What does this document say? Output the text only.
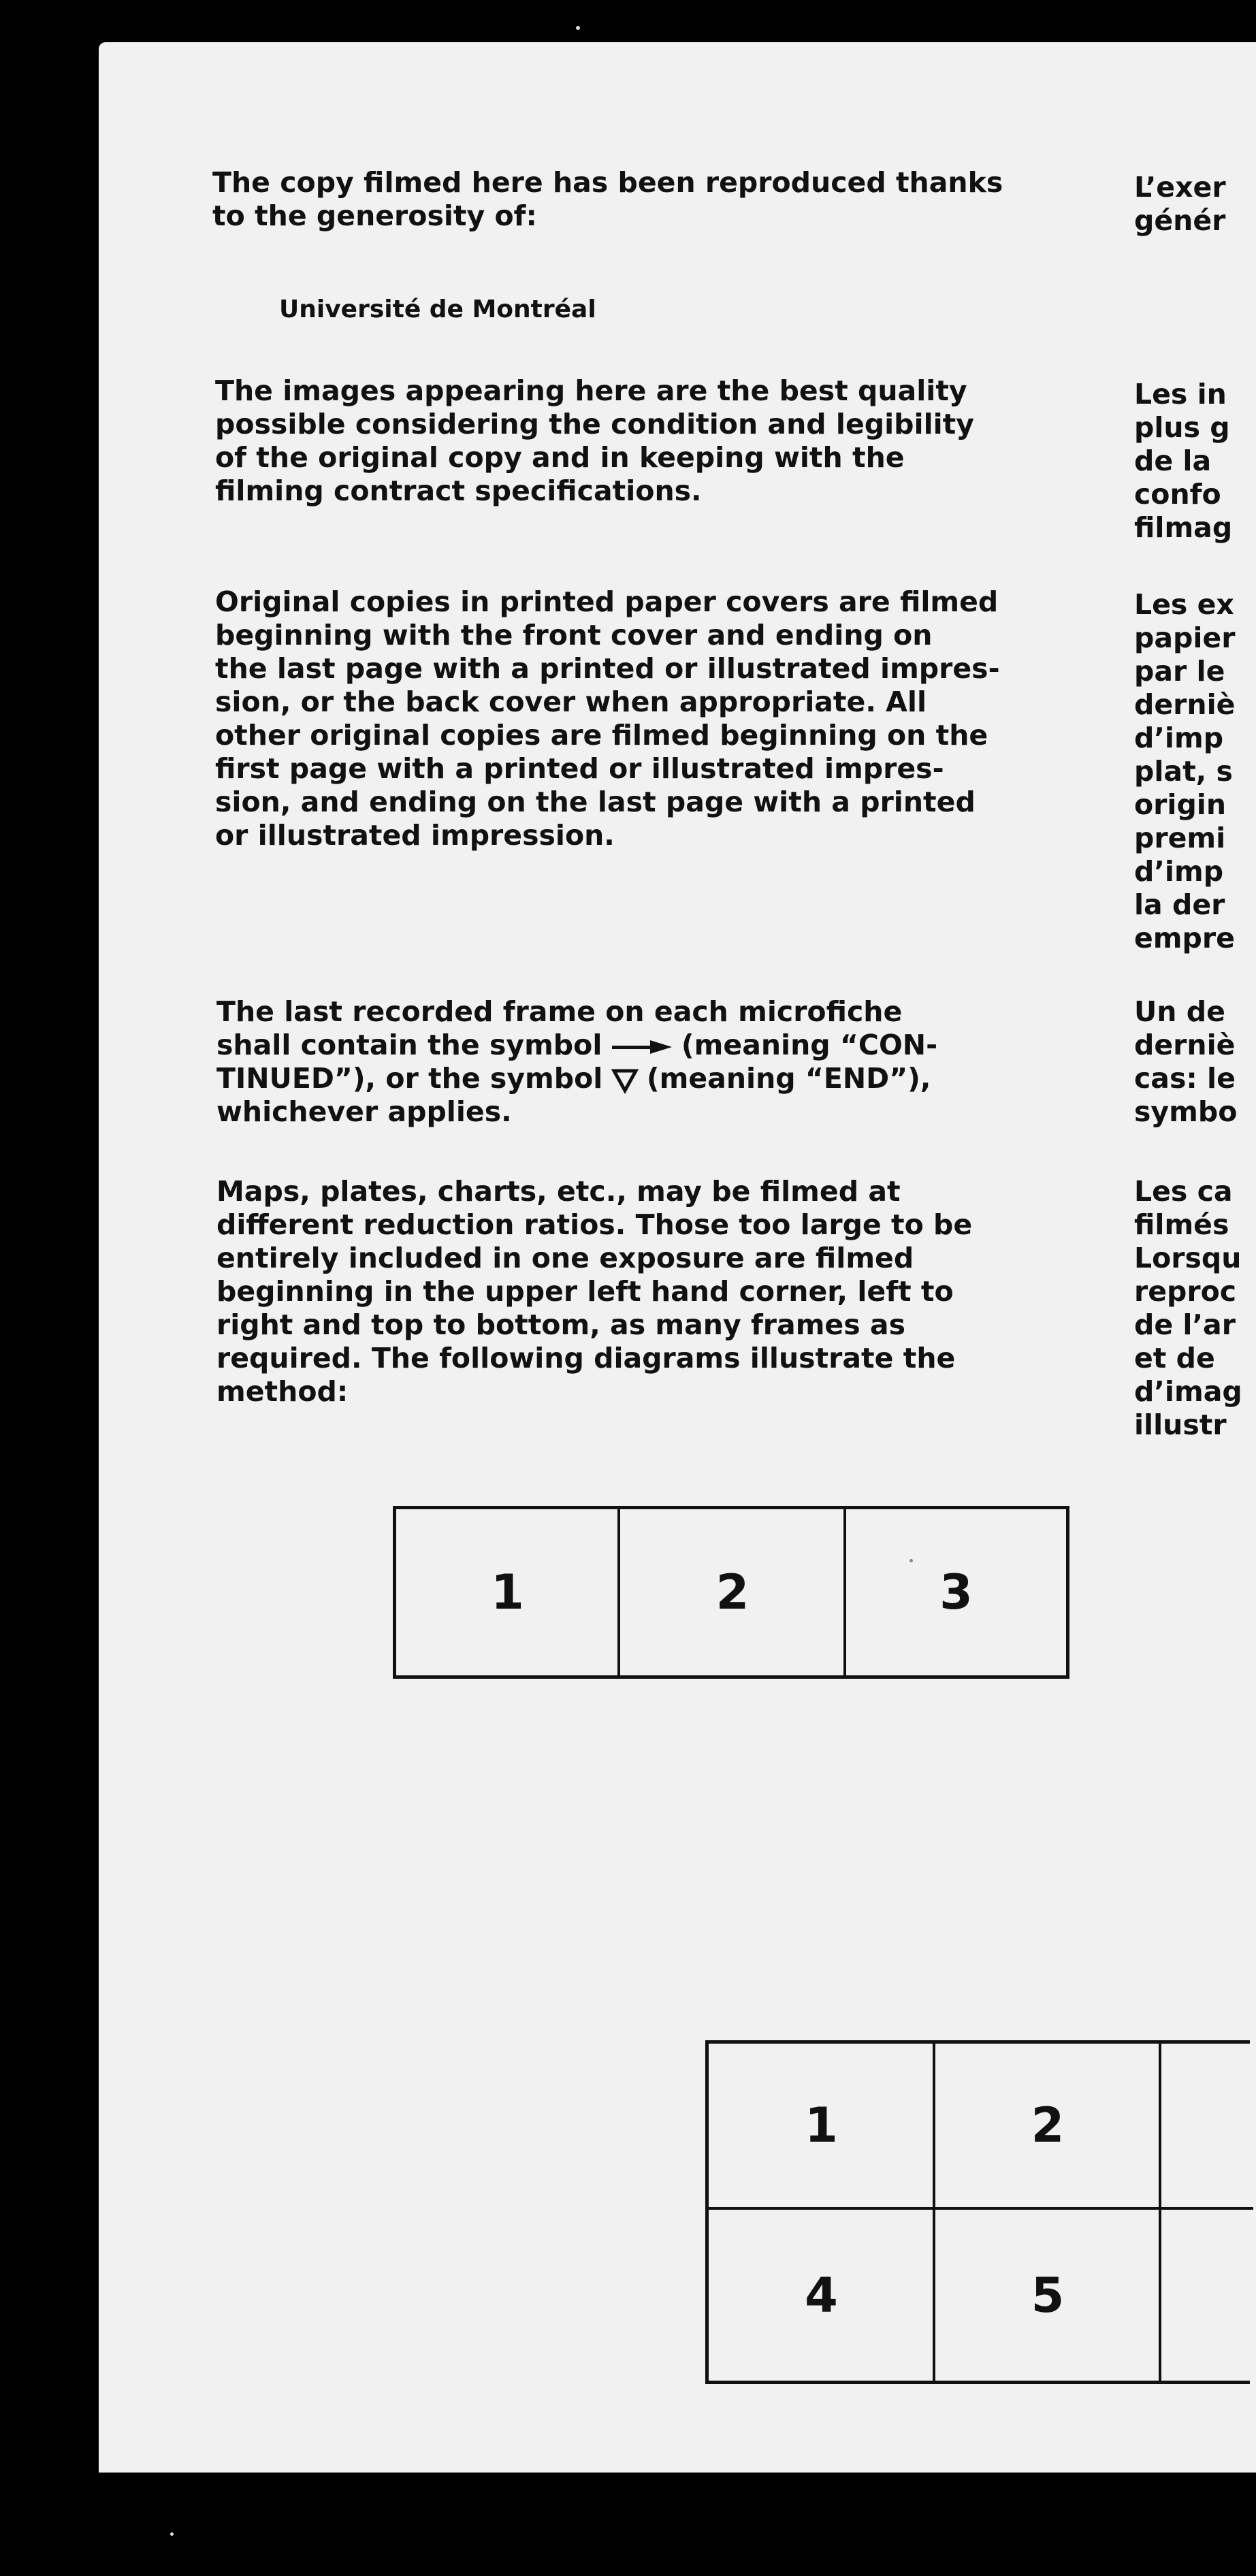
The copy filmed here has been reproduced thanks

to the generosity of:

Université de Montréal

The images appearing here are the best quality

possible considering the condition and legibility

of the original copy and in keeping with the

filming contract specifications.

Original copies in printed paper covers are filmed

beginning with the front cover and ending on

the last page with a printed or illustrated impres-

sion, or the back cover when appropriate. All

other original copies are filmed beginning on the

first page with a printed or illustrated impres-

sion, and ending on the last page with a printed

or illustrated impression.

The last recorded frame on each microfiche

shall contain the symbol  (meaning “CON-

TINUED”), or the symbol  (meaning “END”),

whichever applies.

Maps, plates, charts, etc., may be filmed at

different reduction ratios. Those too large to be

entirely included in one exposure are filmed

beginning in the upper left hand corner, left to

right and top to bottom, as many frames as

required. The following diagrams illustrate the

method:

L’exer

génér

Les in

plus g

de la

confo

filmag

Les ex

papier

par le

derniè

d’imp

plat, s

origin

premi

d’imp

la der

empre

Un de

derniè

cas: le

symbo

Les ca

filmés

Lorsqu

reproc

de l’ar

et de

d’imag

illustr

1	2	3
1	2
4	5
